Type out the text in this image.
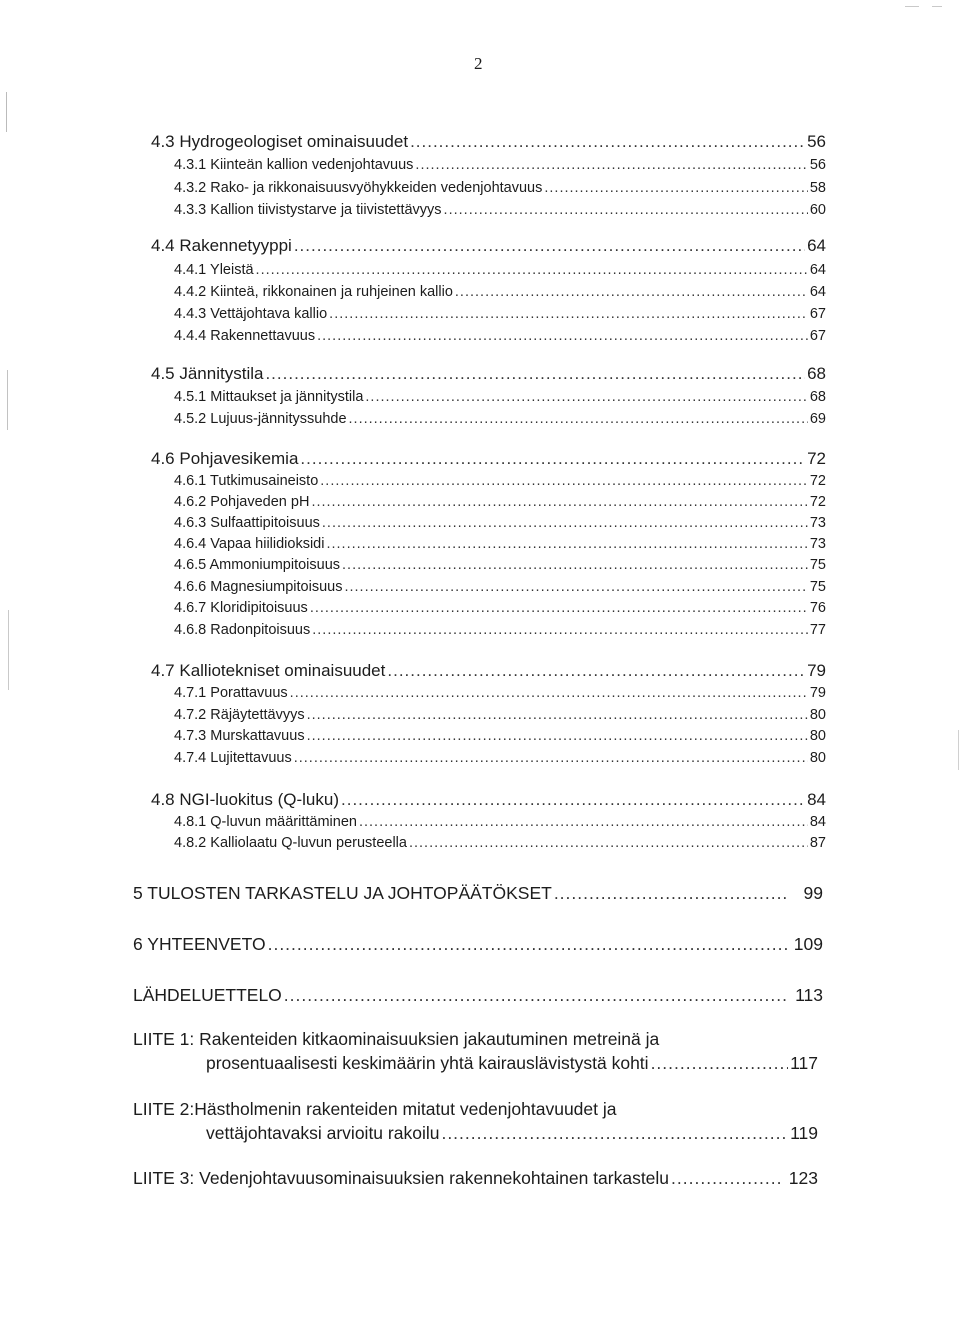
2
4.3 Hydrogeologiset ominaisuudet .....	56
4.3.1 Kiinteän kallion vedenjohtavuus .....	56
4.3.2 Rako- ja rikkonaisuusvyöhykkeiden vedenjohtavuus .....	58
4.3.3 Kallion tiivistystarve ja tiivistettävyys .....	60
4.4 Rakennetyyppi .....	64
4.4.1 Yleistä .....	64
4.4.2 Kiinteä, rikkonainen ja ruhjeinen kallio .....	64
4.4.3 Vettäjohtava kallio .....	67
4.4.4 Rakennettavuus .....	67
4.5 Jännitystila .....	68
4.5.1 Mittaukset ja jännitystila .....	68
4.5.2 Lujuus-jännityssuhde .....	69
4.6 Pohjavesikemia .....	72
4.6.1 Tutkimusaineisto .....	72
4.6.2 Pohjaveden pH .....	72
4.6.3 Sulfaattipitoisuus .....	73
4.6.4 Vapaa hiilidioksidi .....	73
4.6.5 Ammoniumpitoisuus .....	75
4.6.6 Magnesiumpitoisuus .....	75
4.6.7 Kloridipitoisuus .....	76
4.6.8 Radonpitoisuus .....	77
4.7 Kalliotekniset ominaisuudet .....	79
4.7.1 Porattavuus .....	79
4.7.2 Räjäytettävyys .....	80
4.7.3 Murskattavuus .....	80
4.7.4 Lujitettavuus .....	80
4.8 NGI-luokitus (Q-luku) .....	84
4.8.1 Q-luvun määrittäminen .....	84
4.8.2 Kalliolaatu Q-luvun perusteella .....	87
5 TULOSTEN TARKASTELU JA JOHTOPÄÄTÖKSET .....	99
6 YHTEENVETO .....	109
LÄHDELUETTELO .....	113
LIITE 1: Rakenteiden kitkaominaisuuksien jakautuminen metreinä ja
prosentuaalisesti keskimäärin yhtä kairauslävistystä kohti .....	117
LIITE 2:Hästholmenin rakenteiden mitatut vedenjohtavuudet ja
vettäjohtavaksi arvioitu rakoilu .....	119
LIITE 3: Vedenjohtavuusominaisuuksien rakennekohtainen tarkastelu .....	123
